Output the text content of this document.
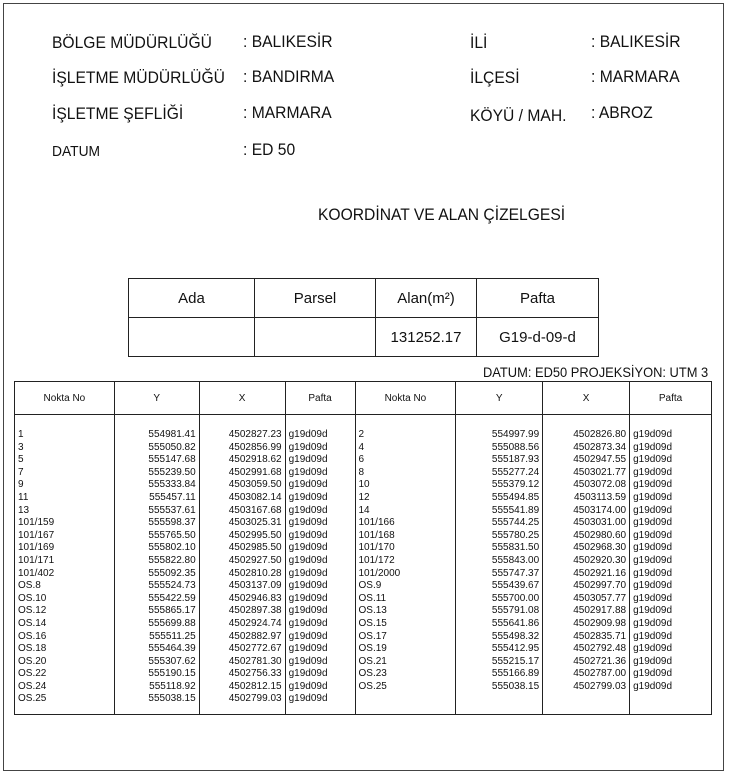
BÖLGE MÜDÜRLÜĞÜ : BALIKESİR
İŞLETME MÜDÜRLÜĞÜ : BANDIRMA
İŞLETME ŞEFLİĞİ	: MARMARA
DATUM	: ED 50
İLİ	: BALIKESİR
İLÇESİ	: MARMARA
KÖYÜ / MAH. : ABROZ
KOORDİNAT VE ALAN ÇİZELGESİ
Ada	Parsel	Alan(m²)	Pafta
		131252.17	G19-d-09-d
DATUM: ED50 PROJEKSİYON: UTM 3
Nokta No	Y	X	Pafta	Nokta No	Y	X	Pafta
1	554981.41	4502827.23	g19d09d	2	554997.99	4502826.80	g19d09d
3	555050.82	4502856.99	g19d09d	4	555088.56	4502873.34	g19d09d
5	555147.68	4502918.62	g19d09d	6	555187.93	4502947.55	g19d09d
7	555239.50	4502991.68	g19d09d	8	555277.24	4503021.77	g19d09d
9	555333.84	4503059.50	g19d09d	10	555379.12	4503072.08	g19d09d
11	555457.11	4503082.14	g19d09d	12	555494.85	4503113.59	g19d09d
13	555537.61	4503167.68	g19d09d	14	555541.89	4503174.00	g19d09d
101/159	555598.37	4503025.31	g19d09d	101/166	555744.25	4503031.00	g19d09d
101/167	555765.50	4502995.50	g19d09d	101/168	555780.25	4502980.60	g19d09d
101/169	555802.10	4502985.50	g19d09d	101/170	555831.50	4502968.30	g19d09d
101/171	555822.80	4502927.50	g19d09d	101/172	555843.00	4502920.30	g19d09d
101/402	555092.35	4502810.28	g19d09d	101/2000	555747.37	4502921.16	g19d09d
OS.8	555524.73	4503137.09	g19d09d	OS.9	555439.67	4502997.70	g19d09d
OS.10	555422.59	4502946.83	g19d09d	OS.11	555700.00	4503057.77	g19d09d
OS.12	555865.17	4502897.38	g19d09d	OS.13	555791.08	4502917.88	g19d09d
OS.14	555699.88	4502924.74	g19d09d	OS.15	555641.86	4502909.98	g19d09d
OS.16	555511.25	4502882.97	g19d09d	OS.17	555498.32	4502835.71	g19d09d
OS.18	555464.39	4502772.67	g19d09d	OS.19	555412.95	4502792.48	g19d09d
OS.20	555307.62	4502781.30	g19d09d	OS.21	555215.17	4502721.36	g19d09d
OS.22	555190.15	4502756.33	g19d09d	OS.23	555166.89	4502787.00	g19d09d
OS.24	555118.92	4502812.15	g19d09d	OS.25	555038.15	4502799.03	g19d09d
OS.25	555038.15	4502799.03	g19d09d				
